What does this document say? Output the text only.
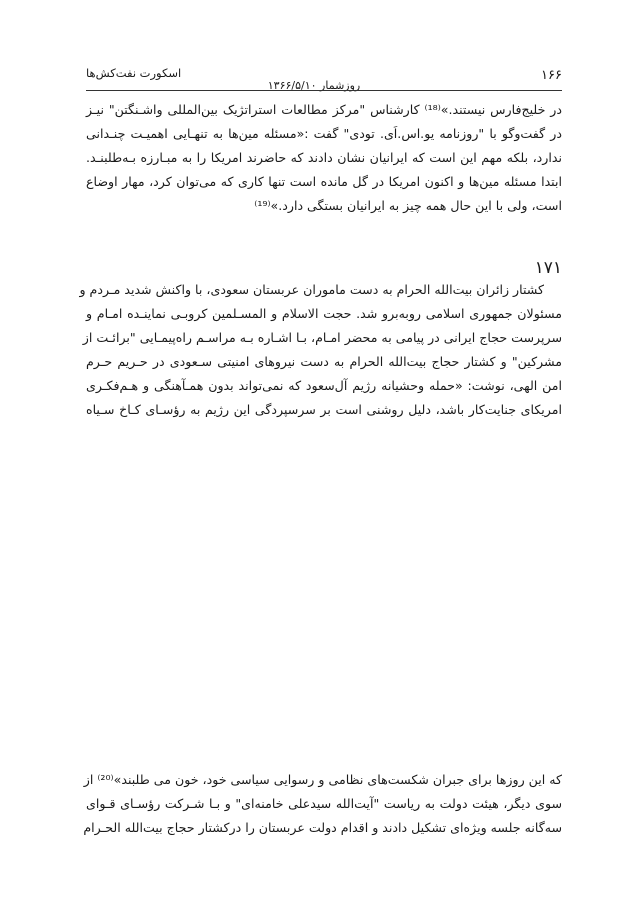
۱۶۶
روزشمار ۱۳۶۶/۵/۱۰
اسکورت نفت‌کش‌ها
در خلیج‌فارس نیستند.»⁽¹⁸⁾ کارشناس "مرکز مطالعات استراتژیک بین‌المللی واشـنگتن" نیـز
در گفت‌وگو با "روزنامه یو.اس.اَی. تودی" گفت :«مسئله مین‌ها به تنهـایی اهمیـت چنـدانی
ندارد، بلکه مهم این است که ایرانیان نشان دادند که حاضرند امریکا را به مبـارزه بـه‌طلبنـد.
ابتدا مسئله مین‌ها و اکنون امریکا در گل مانده است تنها کاری که می‌توان کرد، مهار اوضاع
است، ولی با این حال همه چیز به ایرانیان بستگی دارد.»⁽¹⁹⁾
۱۷۱
کشتار زائران بیت‌الله الحرام به دست ماموران عربستان سعودی، با واکنش شدید مـردم و
مسئولان جمهوری اسلامی روبه‌برو شد. حجت الاسلام و المسـلمین کروبـی نماینـده امـام و
سرپرست حجاج ایرانی در پیامی به محضر امـام، بـا اشـاره بـه مراسـم راه‌پیمـایی "برائـت از
مشرکین" و کشتار حجاج بیت‌الله الحرام به دست نیروهای امنیتی سـعودی در حـریم حـرم
امن الهی، نوشت: «حمله وحشیانه رژیم آل‌سعود که نمی‌تواند بدون همـآهنگی و هـم‌فکـری
امریکای جنایت‌کار باشد، دلیل روشنی است بر سرسپردگی این رژیم به رؤسـای کـاخ سـیاه
که این روزها برای جبران شکست‌های نظامی و رسوایی سیاسی خود، خون می طلبند»⁽²⁰⁾ از
سوی دیگر، هیئت دولت به ریاست "آیت‌الله سیدعلی خامنه‌ای" و بـا شـرکت رؤسـای قـوای
سه‌گانه جلسه ویژه‌ای تشکیل دادند و اقدام دولت عربستان را درکشتار حجاج بیت‌الله الحـرام
